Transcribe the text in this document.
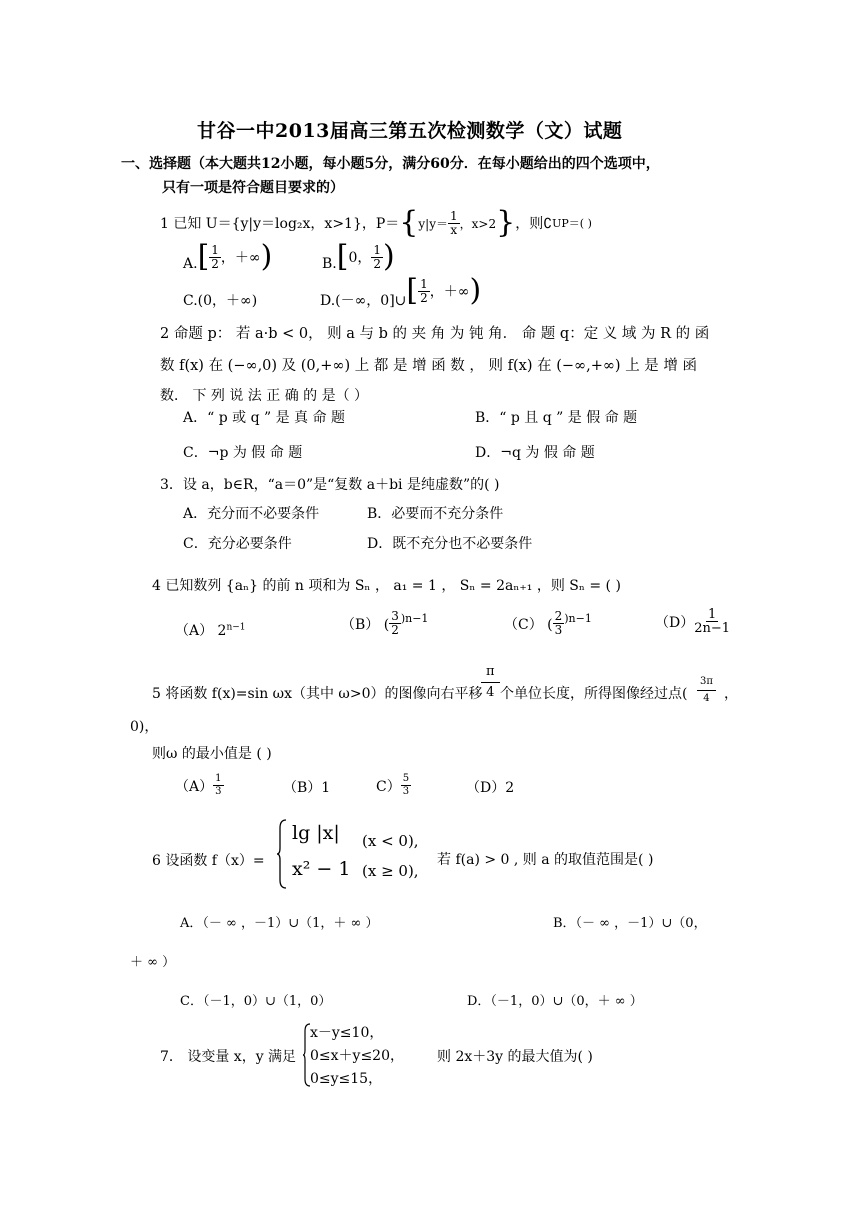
甘谷一中2013届高三第五次检测数学（文）试题
一、选择题（本大题共12小题，每小题5分，满分60分．在每小题给出的四个选项中，
只有一项是符合题目要求的）
1 已知 U＝{y|y＝log₂x，x>1}，P＝ { $y|y= \frac{1}{x}$ ，x>2 } ，则∁ UP＝( )
A. [ $\frac{1}{2}$ ，＋∞ )	B. [ 0， $\frac{1}{2}$ )
C.(0，＋∞)	D.(－∞，0]∪ [ $\frac{1}{2}$ ，＋∞ )
2 命题 p： 若 a·b < 0， 则 a 与 b 的 夹 角 为 钝 角． 命 题 q：定 义 域 为 R 的 函
数 f(x) 在 (−∞,0) 及 (0,+∞) 上 都 是 增 函 数 ， 则 f(x) 在 (−∞,+∞) 上 是 增 函
数． 下 列 说 法 正 确 的 是（ ）
A．“ p 或 q ” 是 真 命 题	B．“ p 且 q ” 是 假 命 题
C．¬p 为 假 命 题	D．¬q 为 假 命 题
3．设 a，b∈R，“a＝0”是“复数 a＋bi 是纯虚数”的( )
A．充分而不必要条件	B．必要而不充分条件
C．充分必要条件	D．既不充分也不必要条件
4 已知数列 {aₙ} 的前 n 项和为 Sₙ ， a₁ = 1 ， Sₙ = 2aₙ₊₁ ，则 Sₙ = ( )
（A） $2^{n-1}$	（B） ( $\frac{3}{2} )n-1$	（C） ( $\frac{2}{3} )n-1$	$(D) \frac{1}{2n-1}$
$\frac{\pi}{4}$
5 将函数 f(x)=sin ωx（其中 ω>0）的图像向右平移 个单位长度，所得图像经过点( $\frac{3\pi}{4}$ ，
0)，
则ω 的最小值是 ( )
$(A) \frac{1}{3}$	（B）1	$C) \frac{5}{3}$	（D）2
6 设函数 f（x）=
lg |x| (x < 0),
x² − 1 (x ≥ 0),
若 f(a) > 0 , 则 a 的取值范围是( )
A．（－ ∞ ，－1）∪（1，＋ ∞ ）	B．（－ ∞ ，－1）∪（0，
＋ ∞ ）
C．（－1，0）∪（1，0）	D．（－1，0）∪（0，＋ ∞ ）
7． 设变量 x，y 满足
x－y≤10，
0≤x＋y≤20，
0≤y≤15，
则 2x＋3y 的最大值为( )
